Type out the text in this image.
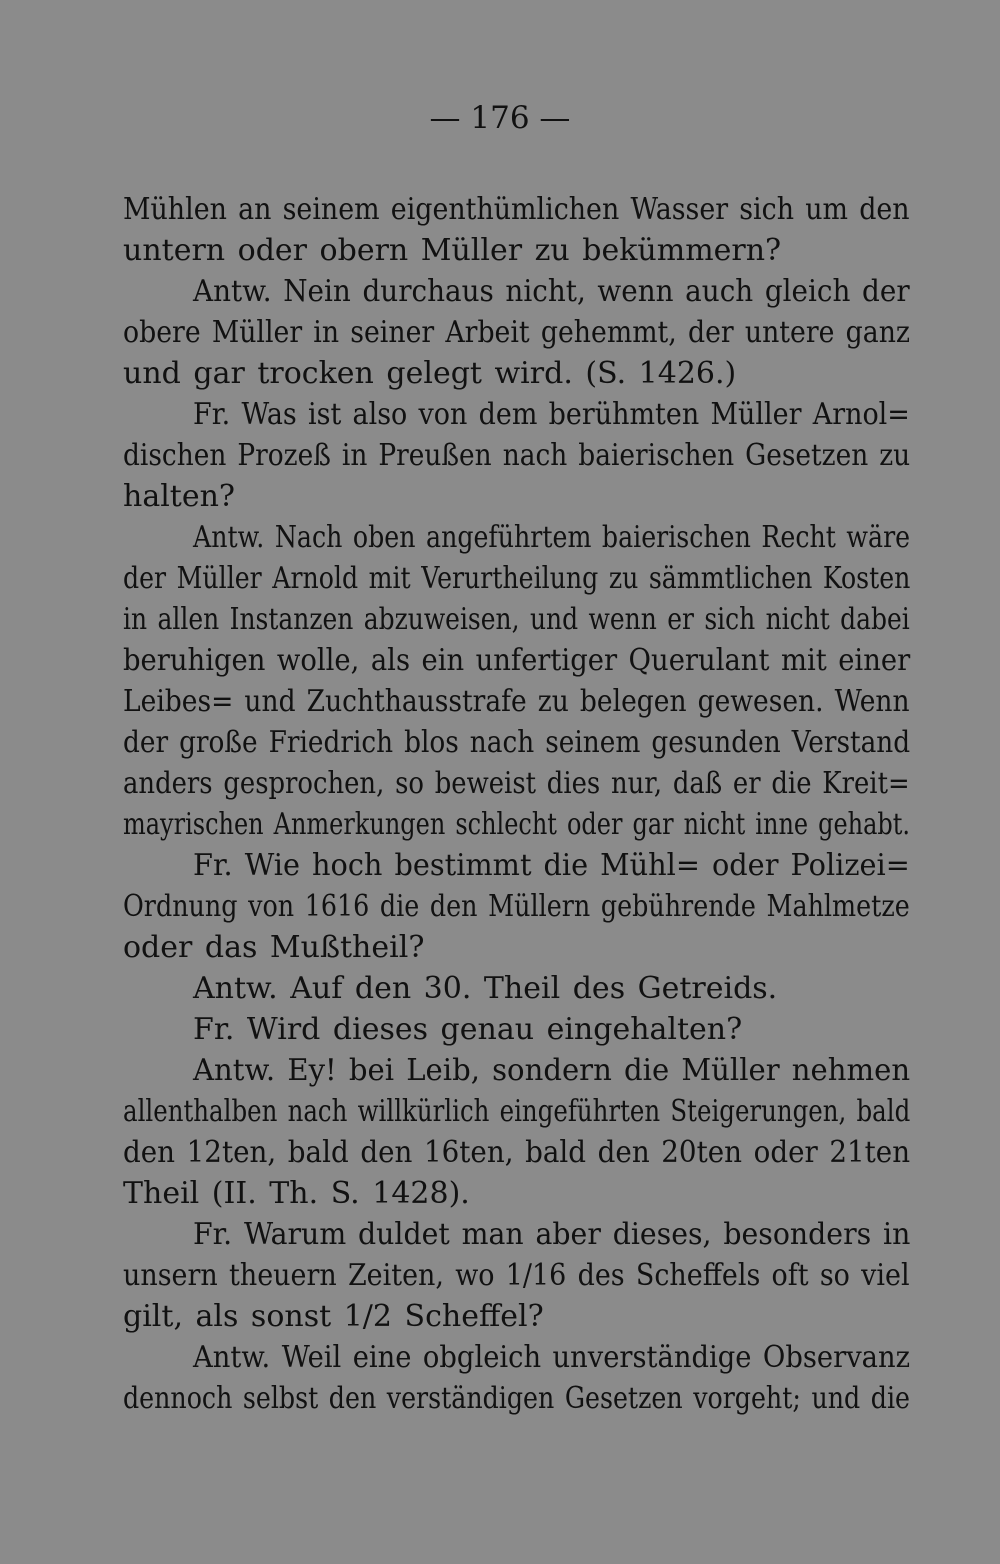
— 176 —
Mühlen an seinem eigenthümlichen Wasser sich um den
untern oder obern Müller zu bekümmern?
Antw. Nein durchaus nicht, wenn auch gleich der
obere Müller in seiner Arbeit gehemmt, der untere ganz
und gar trocken gelegt wird. (S. 1426.)
Fr. Was ist also von dem berühmten Müller Arnol=
dischen Prozeß in Preußen nach baierischen Gesetzen zu
halten?
Antw. Nach oben angeführtem baierischen Recht wäre
der Müller Arnold mit Verurtheilung zu sämmtlichen Kosten
in allen Instanzen abzuweisen, und wenn er sich nicht dabei
beruhigen wolle, als ein unfertiger Querulant mit einer
Leibes= und Zuchthausstrafe zu belegen gewesen. Wenn
der große Friedrich blos nach seinem gesunden Verstand
anders gesprochen, so beweist dies nur, daß er die Kreit=
mayrischen Anmerkungen schlecht oder gar nicht inne gehabt.
Fr. Wie hoch bestimmt die Mühl= oder Polizei=
Ordnung von 1616 die den Müllern gebührende Mahlmetze
oder das Mußtheil?
Antw. Auf den 30. Theil des Getreids.
Fr. Wird dieses genau eingehalten?
Antw. Ey! bei Leib, sondern die Müller nehmen
allenthalben nach willkürlich eingeführten Steigerungen, bald
den 12ten, bald den 16ten, bald den 20ten oder 21ten
Theil (II. Th. S. 1428).
Fr. Warum duldet man aber dieses, besonders in
unsern theuern Zeiten, wo 1/16 des Scheffels oft so viel
gilt, als sonst 1/2 Scheffel?
Antw. Weil eine obgleich unverständige Observanz
dennoch selbst den verständigen Gesetzen vorgeht; und die
